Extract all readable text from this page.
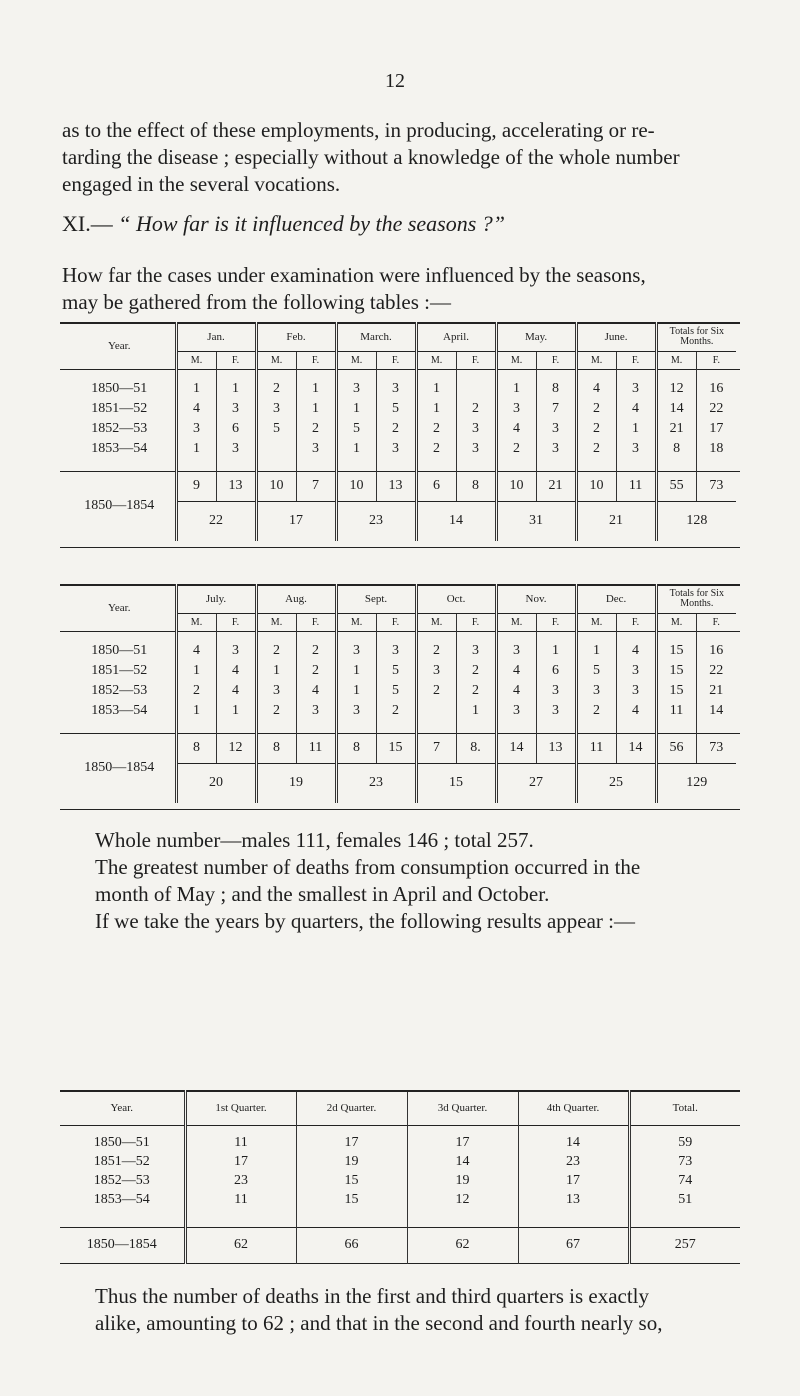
12

as to the effect of these employments, in producing, accelerating or re-
tarding the disease ; especially without a knowledge of the whole number
engaged in the several vocations.

XI.— “ How far is it influenced by the seasons ?”

How far the cases under examination were influenced by the seasons,
may be gathered from the following tables :—

Year.	Jan.		Feb.		March.		April.		May.		June.		Totals for Six Months.		
	M.	F.	M.	F.	M.	F.	M.	F.	M.	F.	M.	F.	M.	F.	

1850—51	1	1	2	1	3	3	1		1	8	4	3	12	16	
1851—52	4	3	3	1	1	5	1	2	3	7	2	4	14	22	
1852—53	3	6	5	2	5	2	2	3	4	3	2	1	21	17	
1853—54	1	3		3	1	3	2	3	2	3	2	3	8	18	

1850—1854	9	13	10	7	10	13	6	8	10	21	10	11	55	73	
	22		17		23		14		31		21		128		

Year.	July.		Aug.		Sept.		Oct.		Nov.		Dec.		Totals for Six Months.		
	M.	F.	M.	F.	M.	F.	M.	F.	M.	F.	M.	F.	M.	F.	

1850—51	4	3	2	2	3	3	2	3	3	1	1	4	15	16	
1851—52	1	4	1	2	1	5	3	2	4	6	5	3	15	22	
1852—53	2	4	3	4	1	5	2	2	4	3	3	3	15	21	
1853—54	1	1	2	3	3	2		1	3	3	2	4	11	14	

1850—1854	8	12	8	11	8	15	7	8.	14	13	11	14	56	73	
	20		19		23		15		27		25		129		

Whole number—males 111, females 146 ; total 257.
The greatest number of deaths from consumption occurred in the
month of May ; and the smallest in April and October.
If we take the years by quarters, the following results appear :—

Year.	1st Quarter.	2d Quarter.	3d Quarter.	4th Quarter.	Total.

1850—51	11	17	17	14	59
1851—52	17	19	14	23	73
1852—53	23	15	19	17	74
1853—54	11	15	12	13	51

1850—1854	62	66	62	67	257

Thus the number of deaths in the first and third quarters is exactly
alike, amounting to 62 ; and that in the second and fourth nearly so,
